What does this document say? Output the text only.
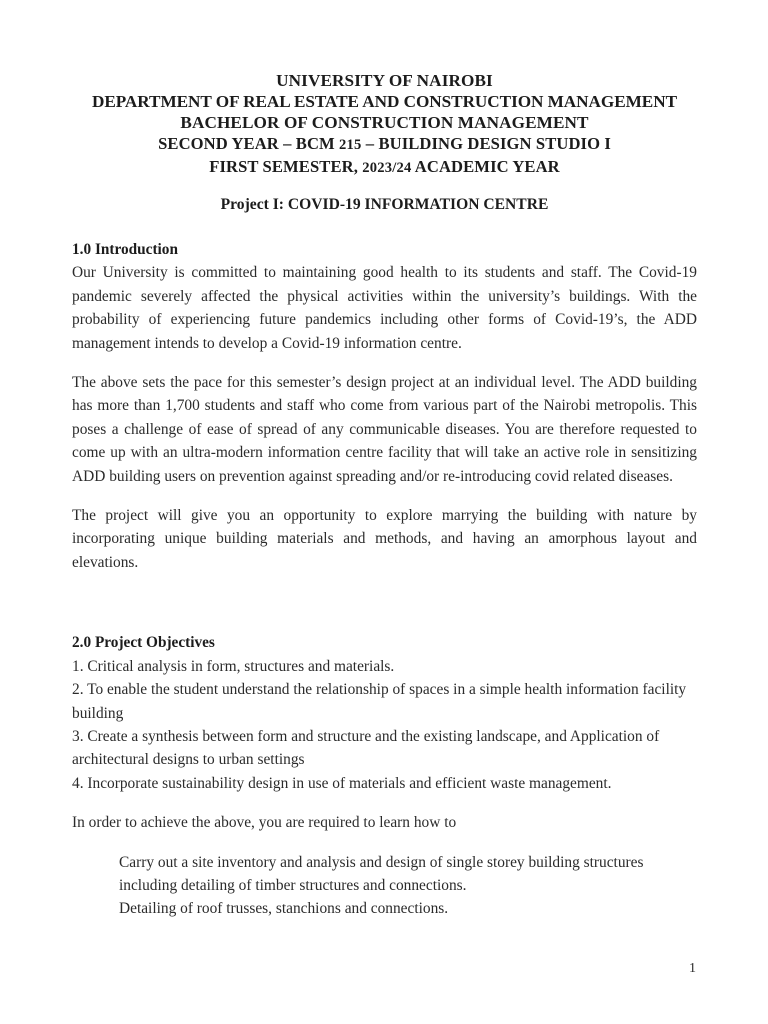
UNIVERSITY OF NAIROBI
DEPARTMENT OF REAL ESTATE AND CONSTRUCTION MANAGEMENT
BACHELOR OF CONSTRUCTION MANAGEMENT
SECOND YEAR – BCM 215 – BUILDING DESIGN STUDIO I
FIRST SEMESTER, 2023/24 ACADEMIC YEAR
Project I: COVID-19 INFORMATION CENTRE
1.0 Introduction

Our University is committed to maintaining good health to its students and staff. The Covid-19 pandemic severely affected the physical activities within the university’s buildings. With the probability of experiencing future pandemics including other forms of Covid-19’s, the ADD management intends to develop a Covid-19 information centre.

The above sets the pace for this semester’s design project at an individual level. The ADD building has more than 1,700 students and staff who come from various part of the Nairobi metropolis. This poses a challenge of ease of spread of any communicable diseases. You are therefore requested to come up with an ultra-modern information centre facility that will take an active role in sensitizing ADD building users on prevention against spreading and/or re-introducing covid related diseases.

The project will give you an opportunity to explore marrying the building with nature by incorporating unique building materials and methods, and having an amorphous layout and elevations.

2.0 Project Objectives
1. Critical analysis in form, structures and materials.
2. To enable the student understand the relationship of spaces in a simple health information facility building
3. Create a synthesis between form and structure and the existing landscape, and Application of architectural designs to urban settings
4. Incorporate sustainability design in use of materials and efficient waste management.

In order to achieve the above, you are required to learn how to

Carry out a site inventory and analysis and design of single storey building structures including detailing of timber structures and connections.
Detailing of roof trusses, stanchions and connections.
1
